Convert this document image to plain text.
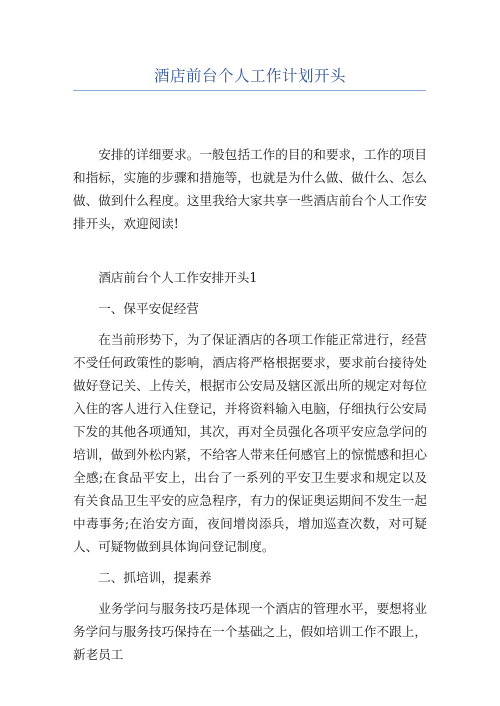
酒店前台个人工作计划开头

安排的详细要求。一般包括工作的目的和要求，工作的项目和指标，实施的步骤和措施等，也就是为什么做、做什么、怎么做、做到什么程度。这里我给大家共享一些酒店前台个人工作安排开头，欢迎阅读!

酒店前台个人工作安排开头1

一、保平安促经营

在当前形势下，为了保证酒店的各项工作能正常进行，经营不受任何政策性的影响，酒店将严格根据要求，要求前台接待处做好登记关、上传关，根据市公安局及辖区派出所的规定对每位入住的客人进行入住登记，并将资料输入电脑，仔细执行公安局下发的其他各项通知，其次，再对全员强化各项平安应急学问的培训，做到外松内紧，不给客人带来任何感官上的惊慌感和担心全感;在食品平安上，出台了一系列的平安卫生要求和规定以及有关食品卫生平安的应急程序，有力的保证奥运期间不发生一起中毒事务;在治安方面，夜间增岗添兵，增加巡查次数，对可疑人、可疑物做到具体询问登记制度。

二、抓培训，提素养

业务学问与服务技巧是体现一个酒店的管理水平，要想将业务学问与服务技巧保持在一个基础之上，假如培训工作不跟上，新老员工
